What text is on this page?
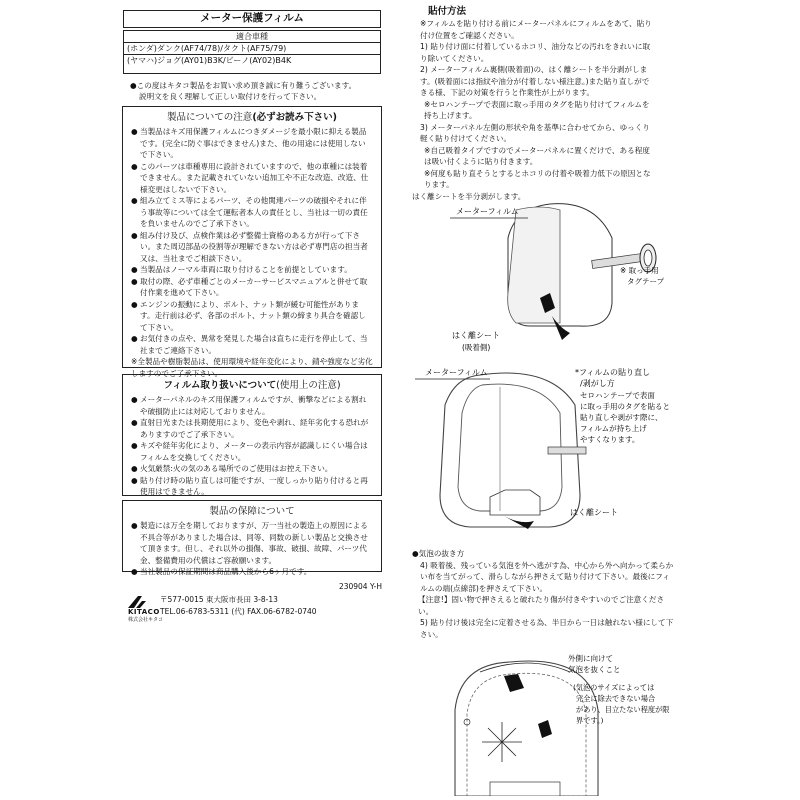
メーター保護フィルム
適合車種
(ホンダ)ダンク(AF74/78)/タクト(AF75/79)
(ヤマハ)ジョグ(AY01)B3K/ビーノ(AY02)B4K
●この度はキタコ製品をお買い求め頂き誠に有り難うございます。
説明文を良く理解して正しい取付けを行って下さい。
製品についての注意(必ずお読み下さい)
● 当製品はキズ用保護フィルムにつきダメージを最小限に抑える製品です。(完全に防ぐ事はできません)また、他の用途には使用しないで下さい。
● このパーツは車種専用に設計されていますので、他の車種には装着できません。また記載されていない追加工や不正な改造、改造、仕様変更はしないで下さい。
● 組み立てミス等によるパーツ、その他関連パーツの破損やそれに伴う事故等については全て運転者本人の責任とし、当社は一切の責任を負いませんのでご了承下さい。
● 組み付け及び、点検作業は必ず整備士資格のある方が行って下さい。また周辺部品の役割等が理解できない方は必ず専門店の担当者又は、当社までご相談下さい。
● 当製品はノーマル車両に取り付けることを前提としています。
● 取付の際、必ず車種ごとのメーカーサービスマニュアルと併せて取付作業を進めて下さい。
● エンジンの振動により、ボルト、ナット類が緩む可能性があります。走行前は必ず、各部のボルト、ナット類の締まり具合を確認して下さい。
● お気付きの点や、異常を発見した場合は直ちに走行を停止して、当社までご連絡下さい。
※全製品や樹脂製品は、使用環境や経年変化により、錆や強度など劣化しますのでご了承下さい。
フィルム取り扱いについて(使用上の注意)
● メーターパネルのキズ用保護フィルムですが、衝撃などによる割れや破損防止には対応しておりません。
● 直射日光または長期使用により、変色や剥れ、経年劣化する恐れがありますのでご了承下さい。
● キズや経年劣化により、メーターの表示内容が認識しにくい場合はフィルムを交換してください。
● 火気厳禁:火の気のある場所でのご使用はお控え下さい。
● 貼り付け時の貼り直しは可能ですが、一度しっかり貼り付けると再使用はできません。
製品の保障について
● 製造には万全を期しておりますが、万一当社の製造上の原因による不具合等がありました場合は、同等、同数の新しい製品と交換させて頂きます。但し、それ以外の損傷、事故、破損、故障、パーツ代金、整備費用の代償はご容赦願います。
● 当社製品の保証期間は商品購入後から6ヶ月です。
230904 Y-H
KITACO
株式会社キタコ
〒577-0015 東大阪市長田 3-8-13
TEL.06-6783-5311 (代) FAX.06-6782-0740
貼付方法
※フィルムを貼り付ける前にメーターパネルにフィルムをあて、貼り付け位置をご確認ください。
1) 貼り付け面に付着しているホコリ、油分などの汚れをきれいに取り除いてください。
2) メーターフィルム裏側(吸着面)の、はく離シートを半分剥がします。(吸着面には指紋や油分が付着しない様注意。)また貼り直しができる様、下記の対策を行うと作業性が上がります。
※セロハンテープで表面に取っ手用のタグを貼り付けてフィルムを持ち上げます。
3) メーターパネル左側の形状や角を基準に合わせてから、ゆっくり軽く貼り付けてください。
※自己吸着タイプですのでメーターパネルに置くだけで、ある程度は吸い付くように貼り付きます。
※何度も貼り直そうとするとホコリの付着や吸着力低下の原因となります。
はく離シートを半分剥がします。
メーターフィルム
※ 取っ手用
タグテープ
はく離シート
(吸着側)
メーターフィルム	*フィルムの貼り直し
/剥がし方
セロハンテープで表面
に取っ手用のタグを貼ると
貼り直しや剥がす際に、
フィルムが持ち上げ
やすくなります。
はく離シート
●気泡の抜き方
4) 吸着後、残っている気泡を外へ逃がす為、中心から外へ向かって柔らかい布を当てがって、滑らしながら押さえて貼り付けて下さい。最後にフィルムの端(点線部)を押さえて下さい。
【注意!】固い物で押さえると破れたり傷が付きやすいのでご注意ください。
5) 貼り付け後は完全に定着させる為、半日から一日は触れない様にして下さい。
外側に向けて
気泡を抜くこと
(気泡のサイズによっては
完全に除去できない場合
があり、目立たない程度が限
界です。)
